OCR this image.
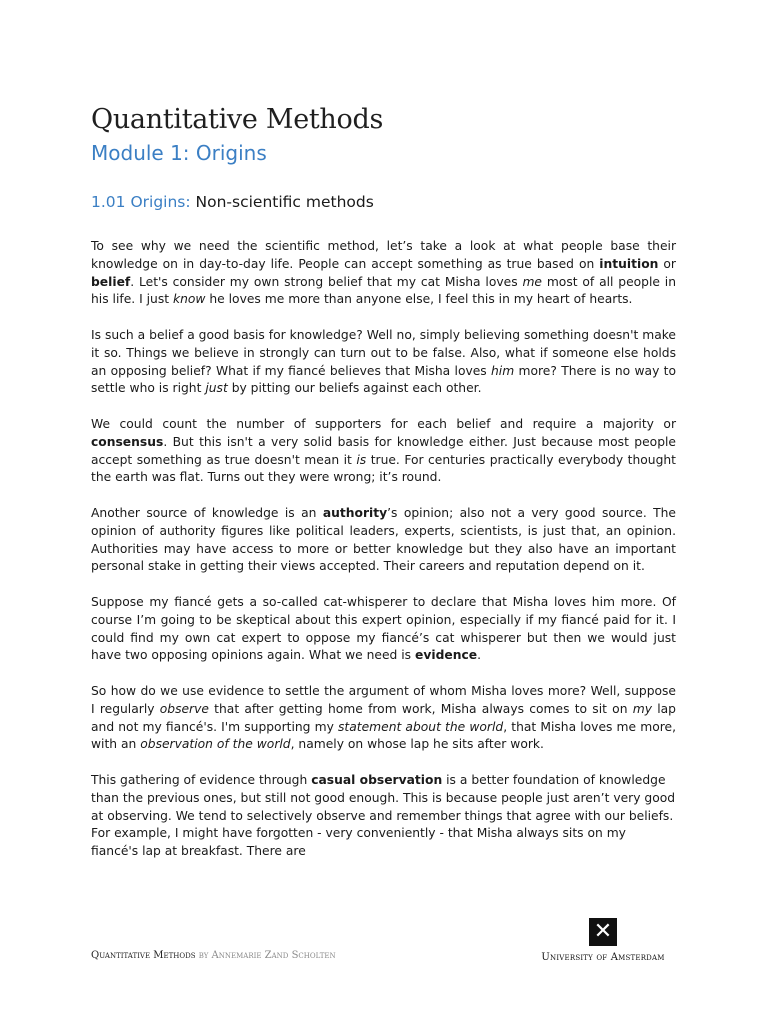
Quantitative Methods
Module 1: Origins
1.01 Origins: Non-scientific methods

To see why we need the scientific method, let’s take a look at what people base their knowledge on in day-to-day life. People can accept something as true based on intuition or belief. Let's consider my own strong belief that my cat Misha loves me most of all people in his life. I just know he loves me more than anyone else, I feel this in my heart of hearts.

Is such a belief a good basis for knowledge? Well no, simply believing something doesn't make it so. Things we believe in strongly can turn out to be false. Also, what if someone else holds an opposing belief? What if my fiancé believes that Misha loves him more? There is no way to settle who is right just by pitting our beliefs against each other.

We could count the number of supporters for each belief and require a majority or consensus. But this isn't a very solid basis for knowledge either. Just because most people accept something as true doesn't mean it is true. For centuries practically everybody thought the earth was flat. Turns out they were wrong; it’s round.

Another source of knowledge is an authority’s opinion; also not a very good source. The opinion of authority figures like political leaders, experts, scientists, is just that, an opinion. Authorities may have access to more or better knowledge but they also have an important personal stake in getting their views accepted. Their careers and reputation depend on it.

Suppose my fiancé gets a so-called cat-whisperer to declare that Misha loves him more. Of course I’m going to be skeptical about this expert opinion, especially if my fiancé paid for it. I could find my own cat expert to oppose my fiancé’s cat whisperer but then we would just have two opposing opinions again. What we need is evidence.

So how do we use evidence to settle the argument of whom Misha loves more? Well, suppose I regularly observe that after getting home from work, Misha always comes to sit on my lap and not my fiancé's. I'm supporting my statement about the world, that Misha loves me more, with an observation of the world, namely on whose lap he sits after work.

This gathering of evidence through casual observation is a better foundation of knowledge than the previous ones, but still not good enough. This is because people just aren’t very good at observing. We tend to selectively observe and remember things that agree with our beliefs. For example, I might have forgotten - very conveniently - that Misha always sits on my fiancé's lap at breakfast. There are

Quantitative Methods by Annemarie Zand Scholten
✕
University of Amsterdam
